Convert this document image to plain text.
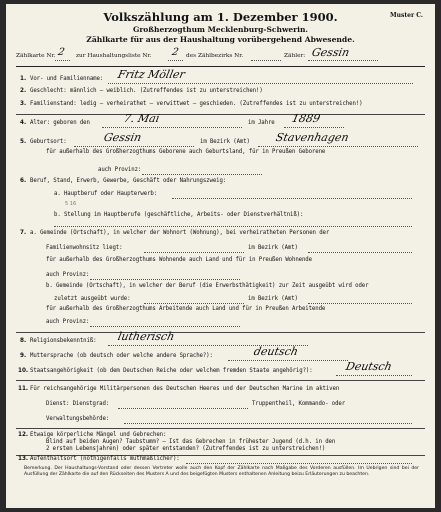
Volkszählung am 1. Dezember 1900.	Muster C.
Großherzogthum Mecklenburg-Schwerin.
Zählkarte für aus der Haushaltung vorübergehend Abwesende.
Zählkarte Nr. 2 zur Haushaltungsliste Nr. 2 des Zählbezirks Nr.	Zähler: Gessin
1. Vor- und Familienname: Fritz Möller
2. Geschlecht: männlich — weiblich. (Zutreffendes ist zu unterstreichen!)
3. Familienstand: ledig — verheirathet — verwittwet — geschieden. (Zutreffendes ist zu unterstreichen!)
4. Alter: geboren den	7. Mai	im Jahre 1889
5. Geburtsort:	Gessin	im Bezirk (Amt) Stavenhagen
für außerhalb des Großherzogthums Geborene auch Geburtsland, für in Preußen Geborene
auch Provinz:
6. Beruf, Stand, Erwerb, Gewerbe, Geschäft oder Nahrungszweig:
a. Hauptberuf oder Haupterwerb:
5 16
b. Stellung im Hauptberufe (geschäftliche, Arbeits- oder Dienstverhältniß):
7. a. Gemeinde (Ortschaft), in welcher der Wohnort (Wohnung), bei verheiratheten Personen der
Familienwohnsitz liegt:	im Bezirk (Amt)
für außerhalb des Großherzogthums Wohnende auch Land und für in Preußen Wohnende
auch Provinz:
b. Gemeinde (Ortschaft), in welcher der Beruf (die Erwerbsthätigkeit) zur Zeit ausgeübt wird oder
zuletzt ausgeübt wurde:	im Bezirk (Amt)
für außerhalb des Großherzogthums Arbeitende auch Land und für in Preußen Arbeitende
auch Provinz:
8. Religionsbekenntniß: lutherisch
9. Muttersprache (ob deutsch oder welche andere Sprache?):	deutsch
10. Staatsangehörigkeit (ob dem Deutschen Reiche oder welchem fremden Staate angehörig?):	Deutsch
11. Für reichsangehörige Militärpersonen des Deutschen Heeres und der Deutschen Marine im aktiven
Dienst: Dienstgrad:	Truppentheil, Kommando- oder
Verwaltungsbehörde:
12. Etwaige körperliche Mängel und Gebrechen:
Blind auf beiden Augen? Taubstumm? — Ist das Gebrechen in frühester Jugend (d.h. in den
2 ersten Lebensjahren) oder später entstanden? (Zutreffendes ist zu unterstreichen!)
13. Aufenthaltsort (nöthigenfalls muthmaßlicher):
Bemerkung. Der Haushaltungs-Vorstand oder dessen Vertreter wolle auch den Kopf der Zählkarte nach Maßgabe des Vorderen ausfüllen. Im Uebrigen sind bei der Ausfüllung der Zählkarte die auf den Rückseiten des Musters A und des beigefügten Musters enthaltenen Anleitung beizu Erläuterungen zu beachten.
